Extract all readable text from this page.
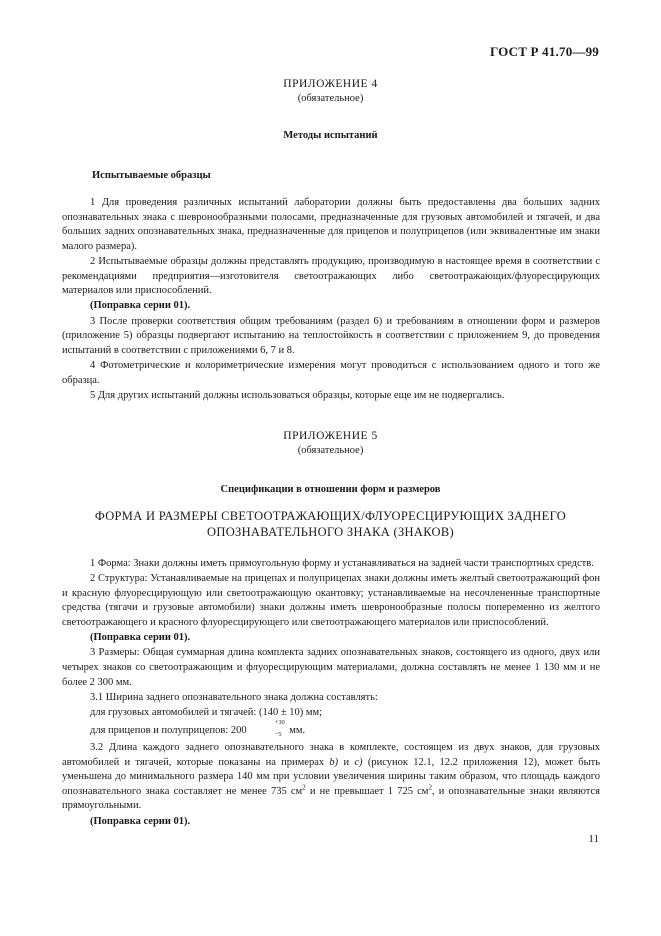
ГОСТ Р 41.70—99
ПРИЛОЖЕНИЕ 4
(обязательное)
Методы испытаний
Испытываемые образцы

1 Для проведения различных испытаний лаборатории должны быть предоставлены два больших задних опознавательных знака с шевронообразными полосами, предназначенные для грузовых автомобилей и тягачей, и два больших задних опознавательных знака, предназначенные для прицепов и полуприцепов (или эквивалентные им знаки малого размера).

2 Испытываемые образцы должны представлять продукцию, производимую в настоящее время в соответствии с рекомендациями предприятия—изготовителя светоотражающих либо светоотражающих/флуоресцирующих материалов или приспособлений.

(Поправка серии 01).

3 После проверки соответствия общим требованиям (раздел 6) и требованиям в отношении форм и размеров (приложение 5) образцы подвергают испытанию на теплостойкость в соответствии с приложением 9, до проведения испытаний в соответствии с приложениями 6, 7 и 8.

4 Фотометрические и колориметрические измерения могут проводиться с использованием одного и того же образца.

5 Для других испытаний должны использоваться образцы, которые еще им не подвергались.

ПРИЛОЖЕНИЕ 5
(обязательное)
Спецификации в отношении форм и размеров
ФОРМА И РАЗМЕРЫ СВЕТООТРАЖАЮЩИХ/ФЛУОРЕСЦИРУЮЩИХ ЗАДНЕГО ОПОЗНАВАТЕЛЬНОГО ЗНАКА (ЗНАКОВ)

1 Форма: Знаки должны иметь прямоугольную форму и устанавливаться на задней части транспортных средств.

2 Структура: Устанавливаемые на прицепах и полуприцепах знаки должны иметь желтый светоотражающий фон и красную флуоресцирующую или светоотражающую окантовку; устанавливаемые на несочлененные транспортные средства (тягачи и грузовые автомобили) знаки должны иметь шевронообразные полосы попеременно из желтого светоотражающего и красного флуоресцирующего или светоотражающего материалов или приспособлений.

(Поправка серии 01).

3 Размеры: Общая суммарная длина комплекта задних опознавательных знаков, состоящего из одного, двух или четырех знаков со светоотражающим и флуоресцирующим материалами, должна составлять не менее 1 130 мм и не более 2 300 мм.

3.1 Ширина заднего опознавательного знака должна составлять:

для грузовых автомобилей и тягачей: (140 ± 10) мм;

для прицепов и полуприцепов: 200
+30
−5 мм.

3.2 Длина каждого заднего опознавательного знака в комплекте, состоящем из двух знаков, для грузовых автомобилей и тягачей, которые показаны на примерах b) и c) (рисунок 12.1, 12.2 приложения 12), может быть уменьшена до минимального размера 140 мм при условии увеличения ширины таким образом, что площадь каждого опознавательного знака составляет не менее 735 $см^2$ и не превышает 1 725 $см^2$, и опознавательные знаки являются прямоугольными.

(Поправка серии 01).

11
